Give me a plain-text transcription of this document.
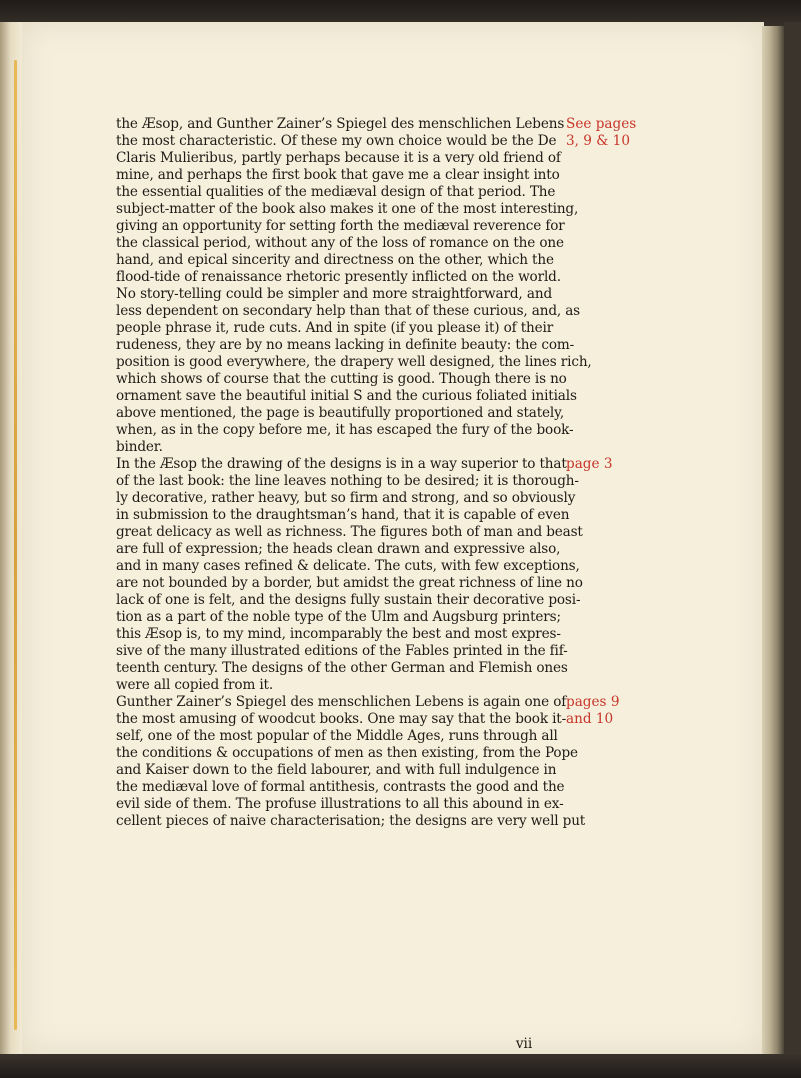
the Æsop, and Gunther Zainer’s Spiegel des menschlichen Lebens
the most characteristic. Of these my own choice would be the De
Claris Mulieribus, partly perhaps because it is a very old friend of
mine, and perhaps the first book that gave me a clear insight into
the essential qualities of the mediæval design of that period. The
subject-matter of the book also makes it one of the most interesting,
giving an opportunity for setting forth the mediæval reverence for
the classical period, without any of the loss of romance on the one
hand, and epical sincerity and directness on the other, which the
flood-tide of renaissance rhetoric presently inflicted on the world.
No story-telling could be simpler and more straightforward, and
less dependent on secondary help than that of these curious, and, as
people phrase it, rude cuts. And in spite (if you please it) of their
rudeness, they are by no means lacking in definite beauty: the com-
position is good everywhere, the drapery well designed, the lines rich,
which shows of course that the cutting is good. Though there is no
ornament save the beautiful initial S and the curious foliated initials
above mentioned, the page is beautifully proportioned and stately,
when, as in the copy before me, it has escaped the fury of the book-
binder.
In the Æsop the drawing of the designs is in a way superior to that
of the last book: the line leaves nothing to be desired; it is thorough-
ly decorative, rather heavy, but so firm and strong, and so obviously
in submission to the draughtsman’s hand, that it is capable of even
great delicacy as well as richness. The figures both of man and beast
are full of expression; the heads clean drawn and expressive also,
and in many cases refined & delicate. The cuts, with few exceptions,
are not bounded by a border, but amidst the great richness of line no
lack of one is felt, and the designs fully sustain their decorative posi-
tion as a part of the noble type of the Ulm and Augsburg printers;
this Æsop is, to my mind, incomparably the best and most expres-
sive of the many illustrated editions of the Fables printed in the fif-
teenth century. The designs of the other German and Flemish ones
were all copied from it.
Gunther Zainer’s Spiegel des menschlichen Lebens is again one of
the most amusing of woodcut books. One may say that the book it-
self, one of the most popular of the Middle Ages, runs through all
the conditions & occupations of men as then existing, from the Pope
and Kaiser down to the field labourer, and with full indulgence in
the mediæval love of formal antithesis, contrasts the good and the
evil side of them. The profuse illustrations to all this abound in ex-
cellent pieces of naive characterisation; the designs are very well put
vii
See pages
3, 9 & 10
page 3
pages 9
and 10
